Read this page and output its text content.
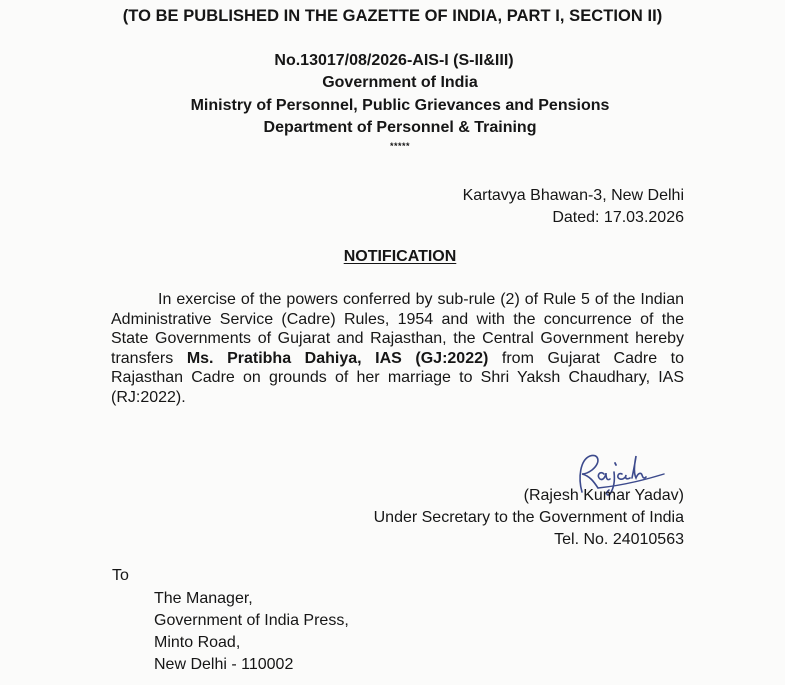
(TO BE PUBLISHED IN THE GAZETTE OF INDIA, PART I, SECTION II)
No.13017/08/2026-AIS-I (S-II&III)
Government of India
Ministry of Personnel, Public Grievances and Pensions
Department of Personnel & Training
*****
Kartavya Bhawan-3, New Delhi
Dated: 17.03.2026
NOTIFICATION
In exercise of the powers conferred by sub-rule (2) of Rule 5 of the Indian
Administrative Service (Cadre) Rules, 1954 and with the concurrence of the
State Governments of Gujarat and Rajasthan, the Central Government hereby
transfers Ms. Pratibha Dahiya, IAS (GJ:2022) from Gujarat Cadre to
Rajasthan Cadre on grounds of her marriage to Shri Yaksh Chaudhary, IAS
(RJ:2022).
(Rajesh Kumar Yadav)
Under Secretary to the Government of India
Tel. No. 24010563
To
The Manager,
Government of India Press,
Minto Road,
New Delhi - 110002
